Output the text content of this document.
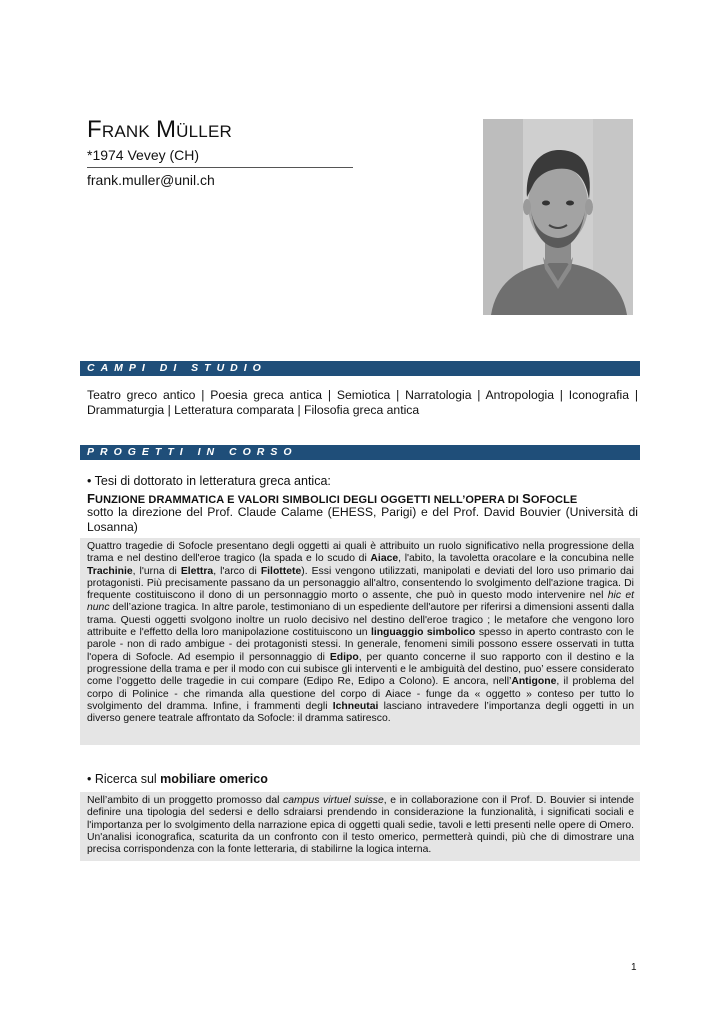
FRANK MÜLLER
*1974 Vevey (CH)
frank.muller@unil.ch
CAMPI DI STUDIO
Teatro greco antico | Poesia greca antica | Semiotica | Narratologia | Antropologia | Iconografia | Drammaturgia | Letteratura comparata | Filosofia greca antica
PROGETTI IN CORSO
• Tesi di dottorato in letteratura greca antica:
FUNZIONE DRAMMATICA E VALORI SIMBOLICI DEGLI OGGETTI NELL’OPERA DI SOFOCLE
sotto la direzione del Prof. Claude Calame (EHESS, Parigi) e del Prof. David Bouvier (Università di Losanna)
Quattro tragedie di Sofocle presentano degli oggetti ai quali è attribuito un ruolo significativo nella progressione della trama e nel destino dell'eroe tragico (la spada e lo scudo di Aiace, l'abito, la tavoletta oracolare e la concubina nelle Trachinie, l'urna di Elettra, l'arco di Filottete). Essi vengono utilizzati, manipolati e deviati del loro uso primario dai protagonisti. Più precisamente passano da un personaggio all'altro, consentendo lo svolgimento dell'azione tragica. Di frequente costituiscono il dono di un personnaggio morto o assente, che può in questo modo intervenire nel hic et nunc dell’azione tragica. In altre parole, testimoniano di un espediente dell'autore per riferirsi a dimensioni assenti dalla trama. Questi oggetti svolgono inoltre un ruolo decisivo nel destino dell'eroe tragico ; le metafore che vengono loro attribuite e l'effetto della loro manipolazione costituiscono un linguaggio simbolico spesso in aperto contrasto con le parole - non di rado ambigue - dei protagonisti stessi. In generale, fenomeni simili possono essere osservati in tutta l'opera di Sofocle. Ad esempio il personnaggio di Edipo, per quanto concerne il suo rapporto con il destino e la progressione della trama e per il modo con cui subisce gli interventi e le ambiguità del destino, puo’ essere considerato come l’oggetto delle tragedie in cui compare (Edipo Re, Edipo a Colono). E ancora, nell’Antigone, il problema del corpo di Polinice - che rimanda alla questione del corpo di Aiace - funge da « oggetto » conteso per tutto lo svolgimento del dramma. Infine, i frammenti degli Ichneutai lasciano intravedere l’importanza degli oggetti in un diverso genere teatrale affrontato da Sofocle: il dramma satiresco.
• Ricerca sul mobiliare omerico
Nell’ambito di un proggetto promosso dal campus virtuel suisse, e in collaborazione con il Prof. D. Bouvier si intende definire una tipologia del sedersi e dello sdraiarsi prendendo in considerazione la funzionalità, i significati sociali e l'importanza per lo svolgimento della narrazione epica di oggetti quali sedie, tavoli e letti presenti nelle opere di Omero. Un'analisi iconografica, scaturita da un confronto con il testo omerico, permetterà quindi, più che di dimostrare una precisa corrispondenza con la fonte letteraria, di stabilirne la logica interna.
1
